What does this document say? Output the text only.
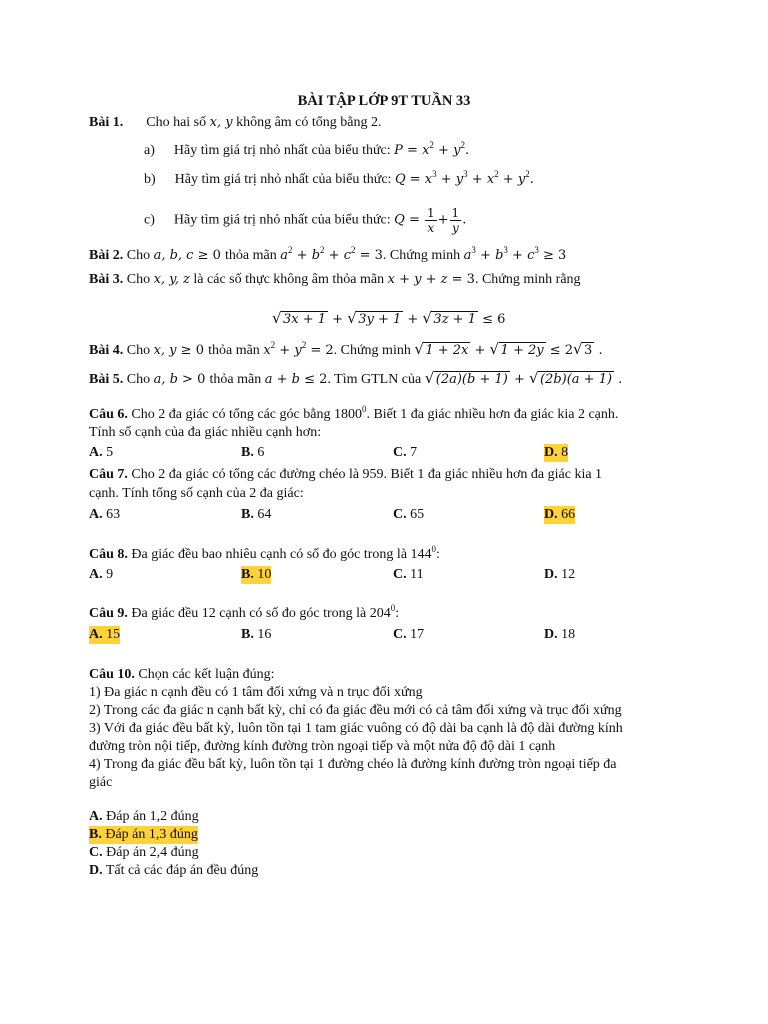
BÀI TẬP LỚP 9T TUẦN 33
Bài 1. Cho hai số x, y không âm có tổng bằng 2.
a) Hãy tìm giá trị nhỏ nhất của biểu thức: $P = x^2 + y^2$.
b) Hãy tìm giá trị nhỏ nhất của biểu thức: $Q = x^3 + y^3 + x^2 + y^2$.
c) Hãy tìm giá trị nhỏ nhất của biểu thức: $Q = \frac{1}{x} + \frac{1}{y}$ .
Bài 2. Cho a, b, c ≥ 0 thỏa mãn $a^2 + b^2 + c^2 = 3$. Chứng minh $a^3 + b^3 + c^3 \ge 3$
Bài 3. Cho x, y, z là các số thực không âm thỏa mãn x + y + z = 3. Chứng minh rằng
√ 3x + 1 + √ 3y + 1 + √ 3z + 1 ≤ 6
Bài 4. Cho x, y ≥ 0 thỏa mãn $x^2 + y^2 = 2$. Chứng minh √ 1 + 2x + √ 1 + 2y ≤ 2 √ 3 .
Bài 5. Cho a, b > 0 thỏa mãn a + b ≤ 2. Tìm GTLN của √ (2a)(b + 1) + √ (2b)(a + 1) .
Câu 6. Cho 2 đa giác có tổng các góc bằng 1800$^0$. Biết 1 đa giác nhiều hơn đa giác kia 2 cạnh.
Tính số cạnh của đa giác nhiều cạnh hơn:
A. 5	B. 6	C. 7	D. 8
Câu 7. Cho 2 đa giác có tổng các đường chéo là 959. Biết 1 đa giác nhiều hơn đa giác kia 1
cạnh. Tính tổng số cạnh của 2 đa giác:
A. 63	B. 64	C. 65	D. 66
Câu 8. Đa giác đều bao nhiêu cạnh có số đo góc trong là $144^0$:
A. 9	B. 10	C. 11	D. 12
Câu 9. Đa giác đều 12 cạnh có số đo góc trong là $204^0$:
A. 15	B. 16	C. 17	D. 18
Câu 10. Chọn các kết luận đúng:
1) Đa giác n cạnh đều có 1 tâm đối xứng và n trục đối xứng
2) Trong các đa giác n cạnh bất kỳ, chỉ có đa giác đều mới có cả tâm đối xứng và trục đối xứng
3) Với đa giác đều bất kỳ, luôn tồn tại 1 tam giác vuông có độ dài ba cạnh là độ dài đường kính
đường tròn nội tiếp, đường kính đường tròn ngoại tiếp và một nửa độ độ dài 1 cạnh
4) Trong đa giác đều bất kỳ, luôn tồn tại 1 đường chéo là đường kính đường tròn ngoại tiếp đa
giác
A. Đáp án 1,2 đúng
B. Đáp án 1,3 đúng
C. Đáp án 2,4 đúng
D. Tất cả các đáp án đều đúng
